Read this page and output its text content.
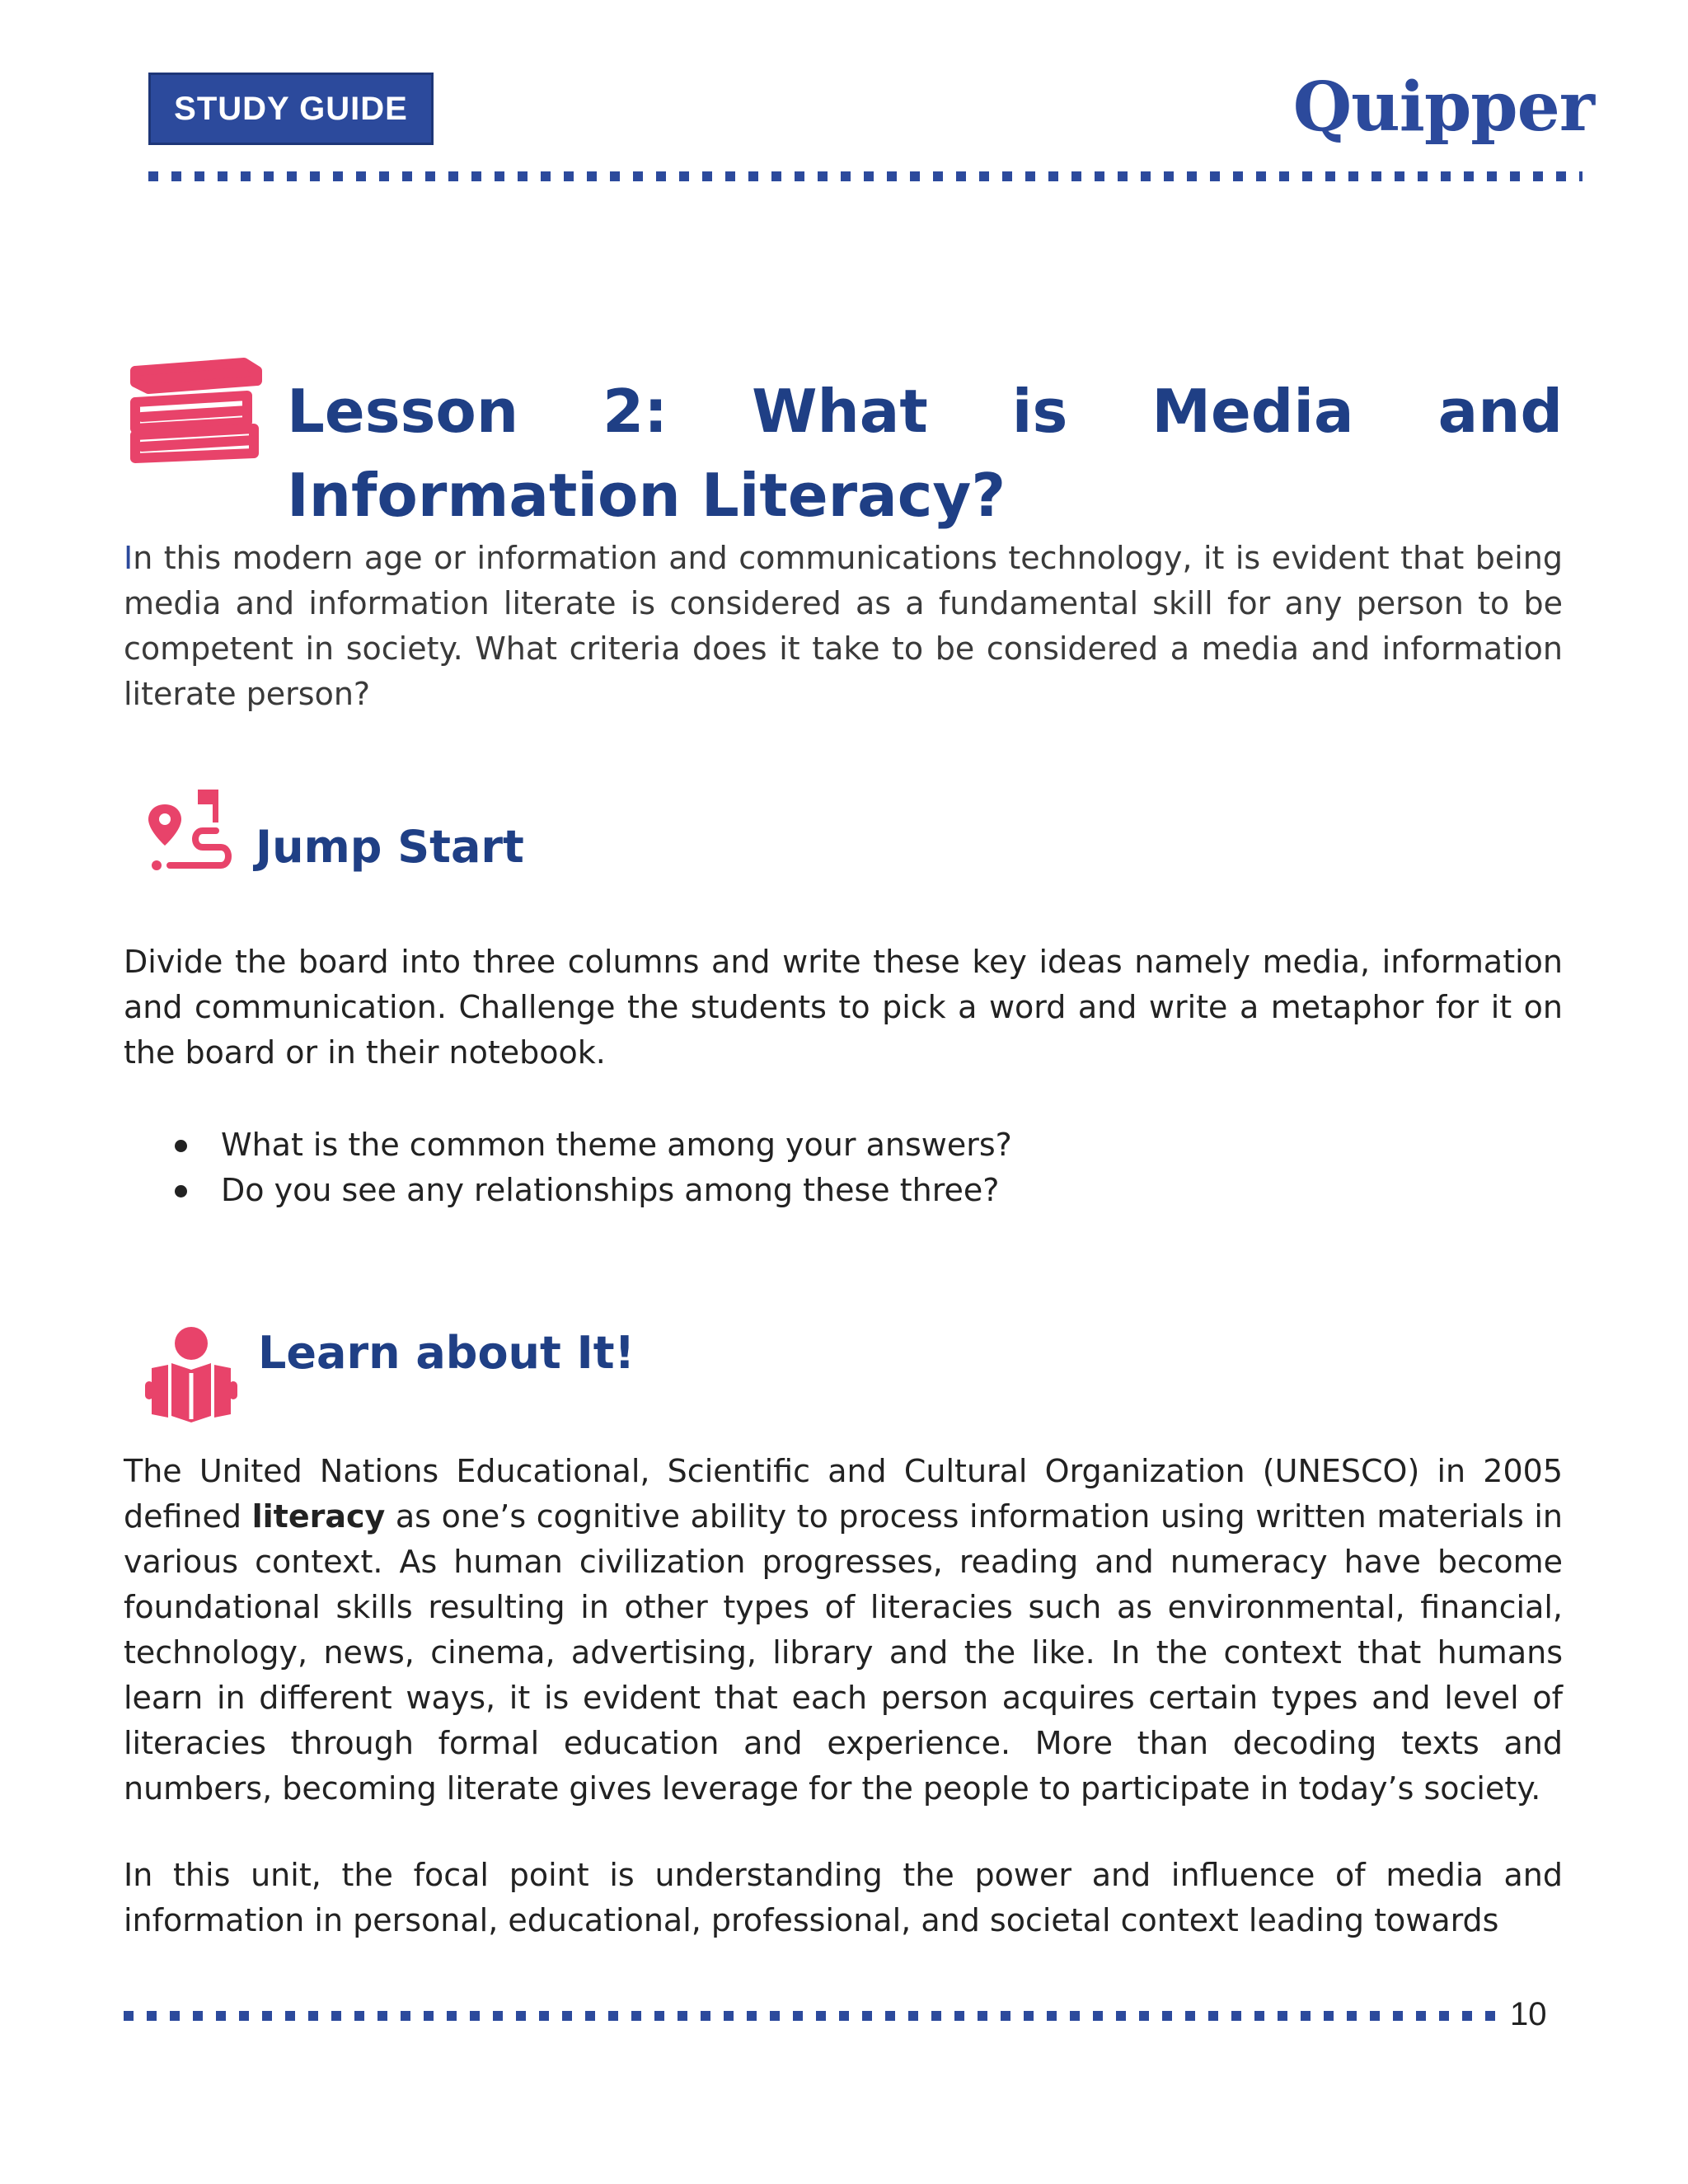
STUDY GUIDE	Quipper
Lesson 2: What is Media and Information Literacy?

In this modern age or information and communications technology, it is evident that being media and information literate is considered as a fundamental skill for any person to be competent in society. What criteria does it take to be considered a media and information literate person?

Jump Start

Divide the board into three columns and write these key ideas namely media, information and communication. Challenge the students to pick a word and write a metaphor for it on the board or in their notebook.

What is the common theme among your answers?
Do you see any relationships among these three?
Learn about It!

The United Nations Educational, Scientific and Cultural Organization (UNESCO) in 2005 defined literacy as one’s cognitive ability to process information using written materials in various context. As human civilization progresses, reading and numeracy have become foundational skills resulting in other types of literacies such as environmental, financial, technology, news, cinema, advertising, library and the like. In the context that humans learn in different ways, it is evident that each person acquires certain types and level of literacies through formal education and experience. More than decoding texts and numbers, becoming literate gives leverage for the people to participate in today’s society.

In this unit, the focal point is understanding the power and influence of media and information in personal, educational, professional, and societal context leading towards

10
